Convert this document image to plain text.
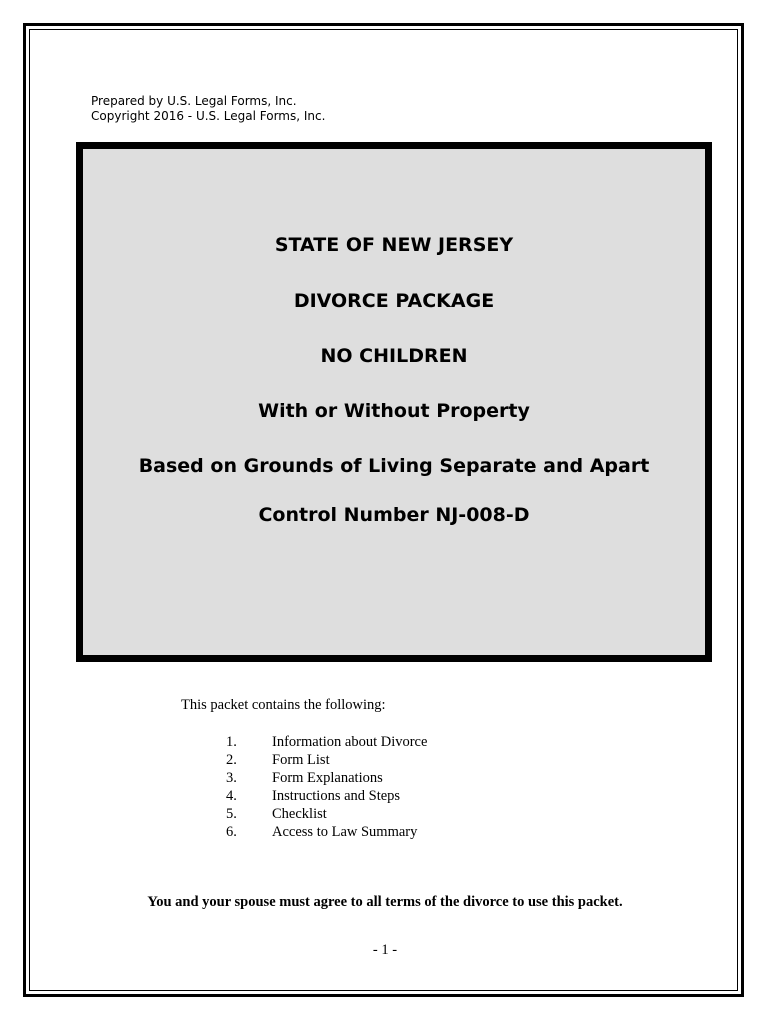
Prepared by U.S. Legal Forms, Inc.
Copyright 2016 - U.S. Legal Forms, Inc.
STATE OF NEW JERSEY
DIVORCE PACKAGE
NO CHILDREN
With or Without Property
Based on Grounds of Living Separate and Apart
Control Number NJ-008-D
This packet contains the following:
1.	Information about Divorce
2.	Form List
3.	Form Explanations
4.	Instructions and Steps
5.	Checklist
6.	Access to Law Summary
You and your spouse must agree to all terms of the divorce to use this packet.
- 1 -
